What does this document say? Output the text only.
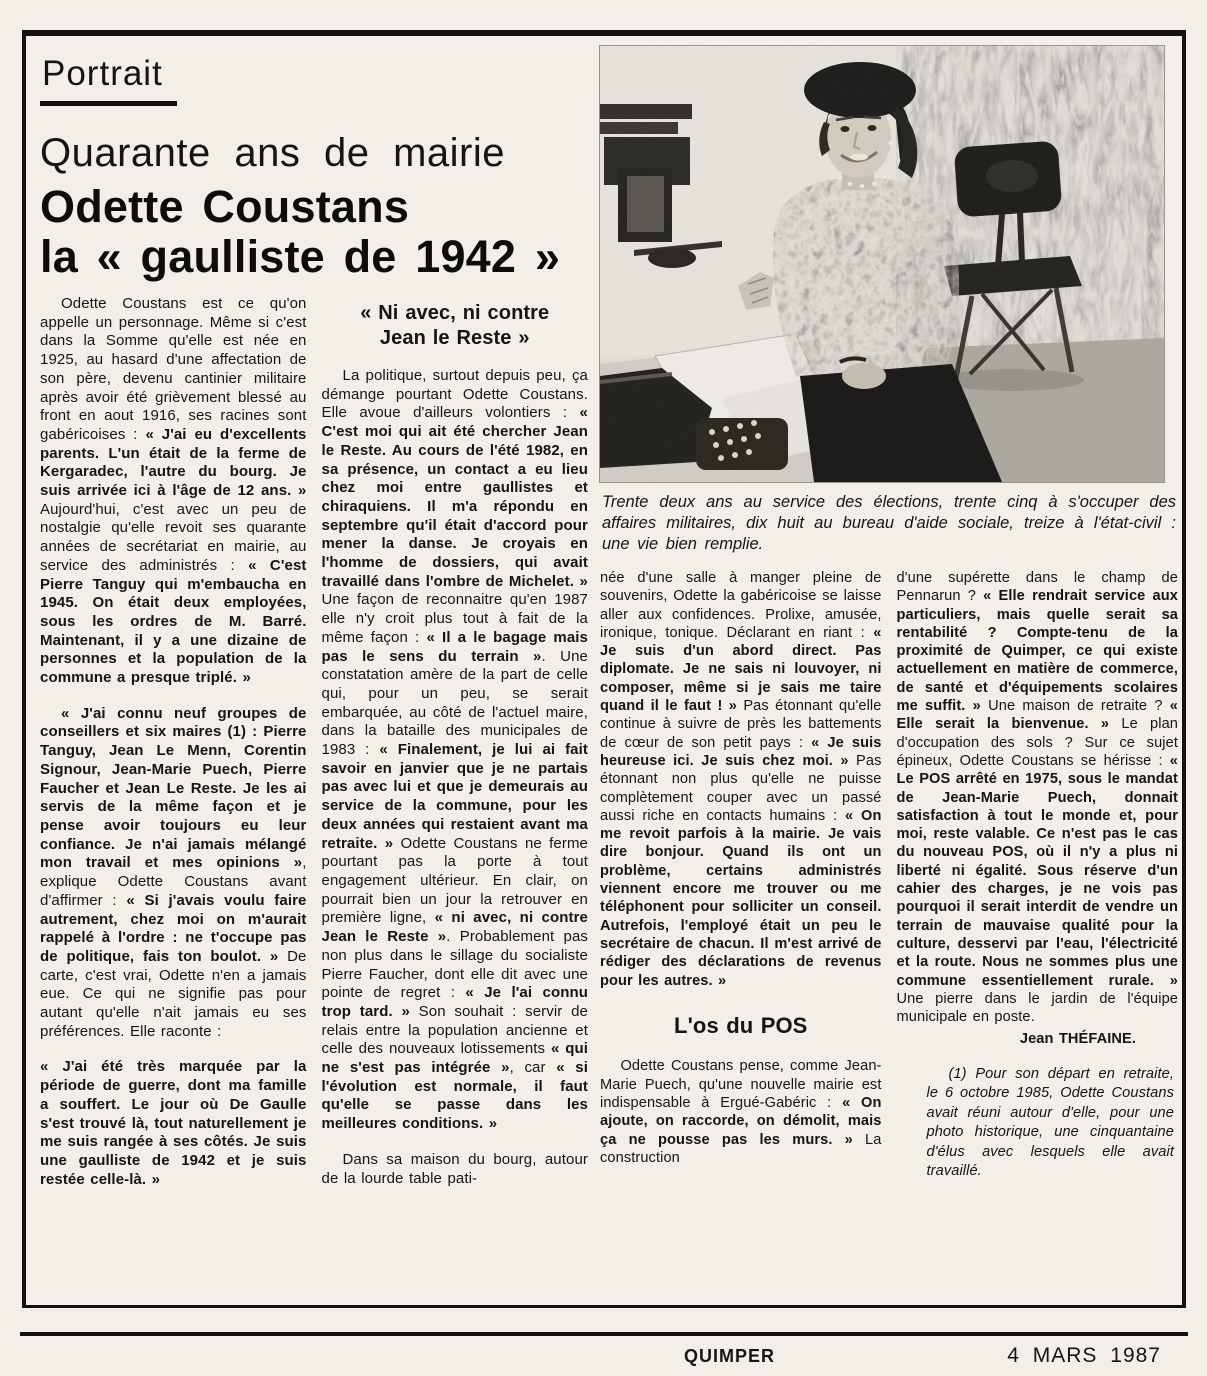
Portrait
Quarante ans de mairie
Odette Coustans
la « gaulliste de 1942 »

Odette Coustans est ce qu'on appelle un personnage. Même si c'est dans la Somme qu'elle est née en 1925, au hasard d'une affectation de son père, devenu cantinier militaire après avoir été grièvement blessé au front en aout 1916, ses racines sont gabéricoises : « J'ai eu d'excellents parents. L'un était de la ferme de Kergaradec, l'autre du bourg. Je suis arrivée ici à l'âge de 12 ans. » Aujourd'hui, c'est avec un peu de nostalgie qu'elle revoit ses quarante années de secrétariat en mairie, au service des administrés : « C'est Pierre Tanguy qui m'embaucha en 1945. On était deux employées, sous les ordres de M. Barré. Maintenant, il y a une dizaine de personnes et la population de la commune a presque triplé. »

« J'ai connu neuf groupes de conseillers et six maires (1) : Pierre Tanguy, Jean Le Menn, Corentin Signour, Jean-Marie Puech, Pierre Faucher et Jean Le Reste. Je les ai servis de la même façon et je pense avoir toujours eu leur confiance. Je n'ai jamais mélangé mon travail et mes opinions », explique Odette Coustans avant d'affirmer : « Si j'avais voulu faire autrement, chez moi on m'aurait rappelé à l'ordre : ne t'occupe pas de politique, fais ton boulot. » De carte, c'est vrai, Odette n'en a jamais eue. Ce qui ne signifie pas pour autant qu'elle n'ait jamais eu ses préférences. Elle raconte :

« J'ai été très marquée par la période de guerre, dont ma famille a souffert. Le jour où De Gaulle s'est trouvé là, tout naturellement je me suis rangée à ses côtés. Je suis une gaulliste de 1942 et je suis restée celle-là. »

« Ni avec, ni contre
Jean le Reste »

La politique, surtout depuis peu, ça démange pourtant Odette Coustans. Elle avoue d'ailleurs volontiers : « C'est moi qui ait été chercher Jean le Reste. Au cours de l'été 1982, en sa présence, un contact a eu lieu chez moi entre gaullistes et chiraquiens. Il m'a répondu en septembre qu'il était d'accord pour mener la danse. Je croyais en l'homme de dossiers, qui avait travaillé dans l'ombre de Michelet. » Une façon de reconnaitre qu'en 1987 elle n'y croit plus tout à fait de la même façon : « Il a le bagage mais pas le sens du terrain ». Une constatation amère de la part de celle qui, pour un peu, se serait embarquée, au côté de l'actuel maire, dans la bataille des municipales de 1983 : « Finalement, je lui ai fait savoir en janvier que je ne partais pas avec lui et que je demeurais au service de la commune, pour les deux années qui restaient avant ma retraite. » Odette Coustans ne ferme pourtant pas la porte à tout engagement ultérieur. En clair, on pourrait bien un jour la retrouver en première ligne, « ni avec, ni contre Jean le Reste ». Probablement pas non plus dans le sillage du socialiste Pierre Faucher, dont elle dit avec une pointe de regret : « Je l'ai connu trop tard. » Son souhait : servir de relais entre la population ancienne et celle des nouveaux lotissements « qui ne s'est pas intégrée », car « si l'évolution est normale, il faut qu'elle se passe dans les meilleures conditions. »

Dans sa maison du bourg, autour de la lourde table pati-

Trente deux ans au service des élections, trente cinq à s'occuper des affaires militaires, dix huit au bureau d'aide sociale, treize à l'état-civil : une vie bien remplie.

née d'une salle à manger pleine de souvenirs, Odette la gabéricoise se laisse aller aux confidences. Prolixe, amusée, ironique, tonique. Déclarant en riant : « Je suis d'un abord direct. Pas diplomate. Je ne sais ni louvoyer, ni composer, même si je sais me taire quand il le faut ! » Pas étonnant qu'elle continue à suivre de près les battements de cœur de son petit pays : « Je suis heureuse ici. Je suis chez moi. » Pas étonnant non plus qu'elle ne puisse complètement couper avec un passé aussi riche en contacts humains : « On me revoit parfois à la mairie. Je vais dire bonjour. Quand ils ont un problème, certains administrés viennent encore me trouver ou me téléphonent pour solliciter un conseil. Autrefois, l'employé était un peu le secrétaire de chacun. Il m'est arrivé de rédiger des déclarations de revenus pour les autres. »

L'os du POS

Odette Coustans pense, comme Jean-Marie Puech, qu'une nouvelle mairie est indispensable à Ergué-Gabéric : « On ajoute, on raccorde, on démolit, mais ça ne pousse pas les murs. » La construction

d'une supérette dans le champ de Pennarun ? « Elle rendrait service aux particuliers, mais quelle serait sa rentabilité ? Compte-tenu de la proximité de Quimper, ce qui existe actuellement en matière de commerce, de santé et d'équipements scolaires me suffit. » Une maison de retraite ? « Elle serait la bienvenue. » Le plan d'occupation des sols ? Sur ce sujet épineux, Odette Coustans se hérisse : « Le POS arrêté en 1975, sous le mandat de Jean-Marie Puech, donnait satisfaction à tout le monde et, pour moi, reste valable. Ce n'est pas le cas du nouveau POS, où il n'y a plus ni liberté ni égalité. Sous réserve d'un cahier des charges, je ne vois pas pourquoi il serait interdit de vendre un terrain de mauvaise qualité pour la culture, desservi par l'eau, l'électricité et la route. Nous ne sommes plus une commune essentiellement rurale. » Une pierre dans le jardin de l'équipe municipale en poste.

Jean THÉFAINE.

(1) Pour son départ en retraite, le 6 octobre 1985, Odette Coustans avait réuni autour d'elle, pour une photo historique, une cinquantaine d'élus avec lesquels elle avait travaillé.

QUIMPER	4 MARS 1987
